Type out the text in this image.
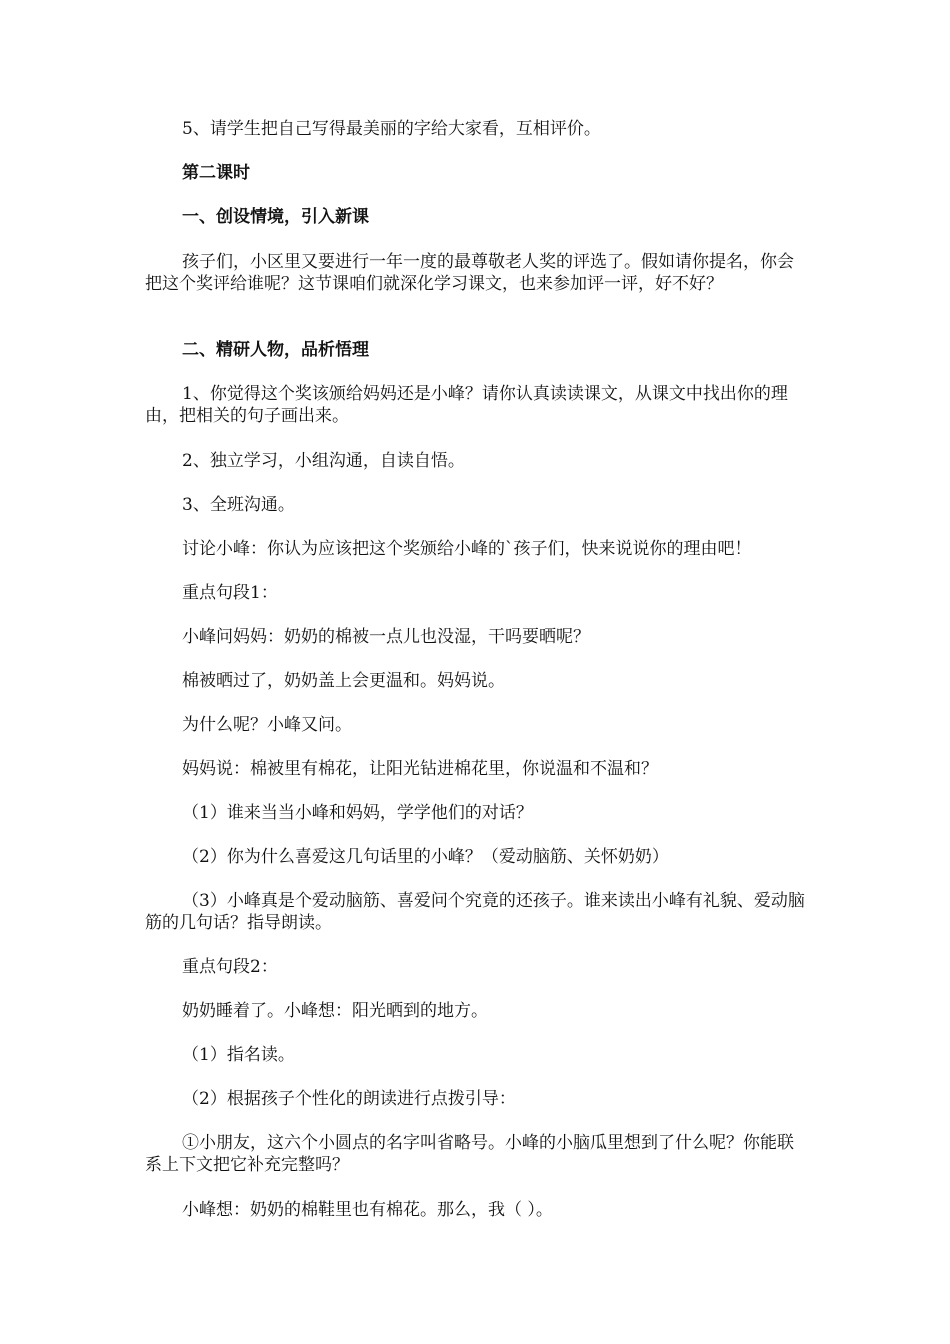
5、请学生把自己写得最美丽的字给大家看，互相评价。
第二课时
一、创设情境，引入新课
孩子们，小区里又要进行一年一度的最尊敬老人奖的评选了。假如请你提名，你会把这个奖评给谁呢？这节课咱们就深化学习课文，也来参加评一评，好不好？
二、精研人物，品析悟理
1、你觉得这个奖该颁给妈妈还是小峰？请你认真读读课文，从课文中找出你的理由，把相关的句子画出来。
2、独立学习，小组沟通，自读自悟。
3、全班沟通。
讨论小峰：你认为应该把这个奖颁给小峰的`孩子们，快来说说你的理由吧！
重点句段1：
小峰问妈妈：奶奶的棉被一点儿也没湿，干吗要晒呢？
棉被晒过了，奶奶盖上会更温和。妈妈说。
为什么呢？小峰又问。
妈妈说：棉被里有棉花，让阳光钻进棉花里，你说温和不温和？
（1）谁来当当小峰和妈妈，学学他们的对话？
（2）你为什么喜爱这几句话里的小峰？（爱动脑筋、关怀奶奶）
（3）小峰真是个爱动脑筋、喜爱问个究竟的还孩子。谁来读出小峰有礼貌、爱动脑筋的几句话？指导朗读。
重点句段2：
奶奶睡着了。小峰想：阳光晒到的地方。
（1）指名读。
（2）根据孩子个性化的朗读进行点拨引导：
①小朋友，这六个小圆点的名字叫省略号。小峰的小脑瓜里想到了什么呢？你能联系上下文把它补充完整吗？
小峰想：奶奶的棉鞋里也有棉花。那么，我（ ）。
